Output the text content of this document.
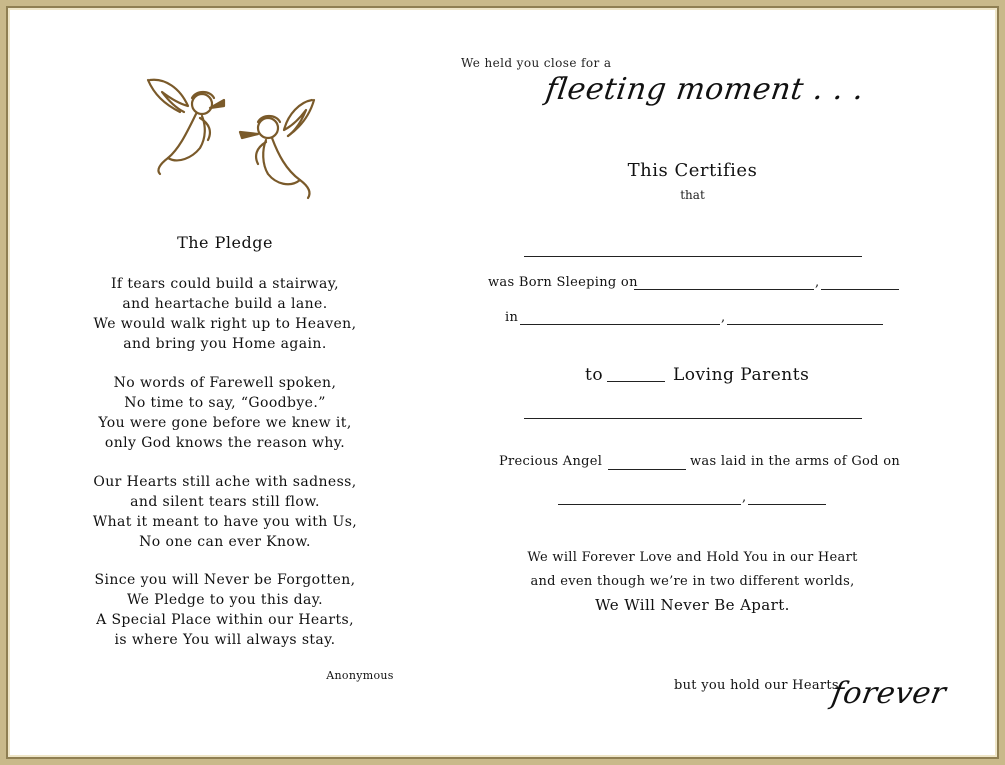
The Pledge
If tears could build a stairway,
and heartache build a lane.
We would walk right up to Heaven,
and bring you Home again.
No words of Farewell spoken,
No time to say, “Goodbye.”
You were gone before we knew it,
only God knows the reason why.
Our Hearts still ache with sadness,
and silent tears still flow.
What it meant to have you with Us,
No one can ever Know.
Since you will Never be Forgotten,
We Pledge to you this day.
A Special Place within our Hearts,
is where You will always stay.
Anonymous
We held you close for a
fleeting moment . . .
This Certifies
that
was Born Sleeping on	,
in	,
to	Loving Parents
Precious Angel	was laid in the arms of God on
,
We will Forever Love and Hold You in our Heart
and even though we’re in two different worlds,
We Will Never Be Apart.
but you hold our Hearts
forever
